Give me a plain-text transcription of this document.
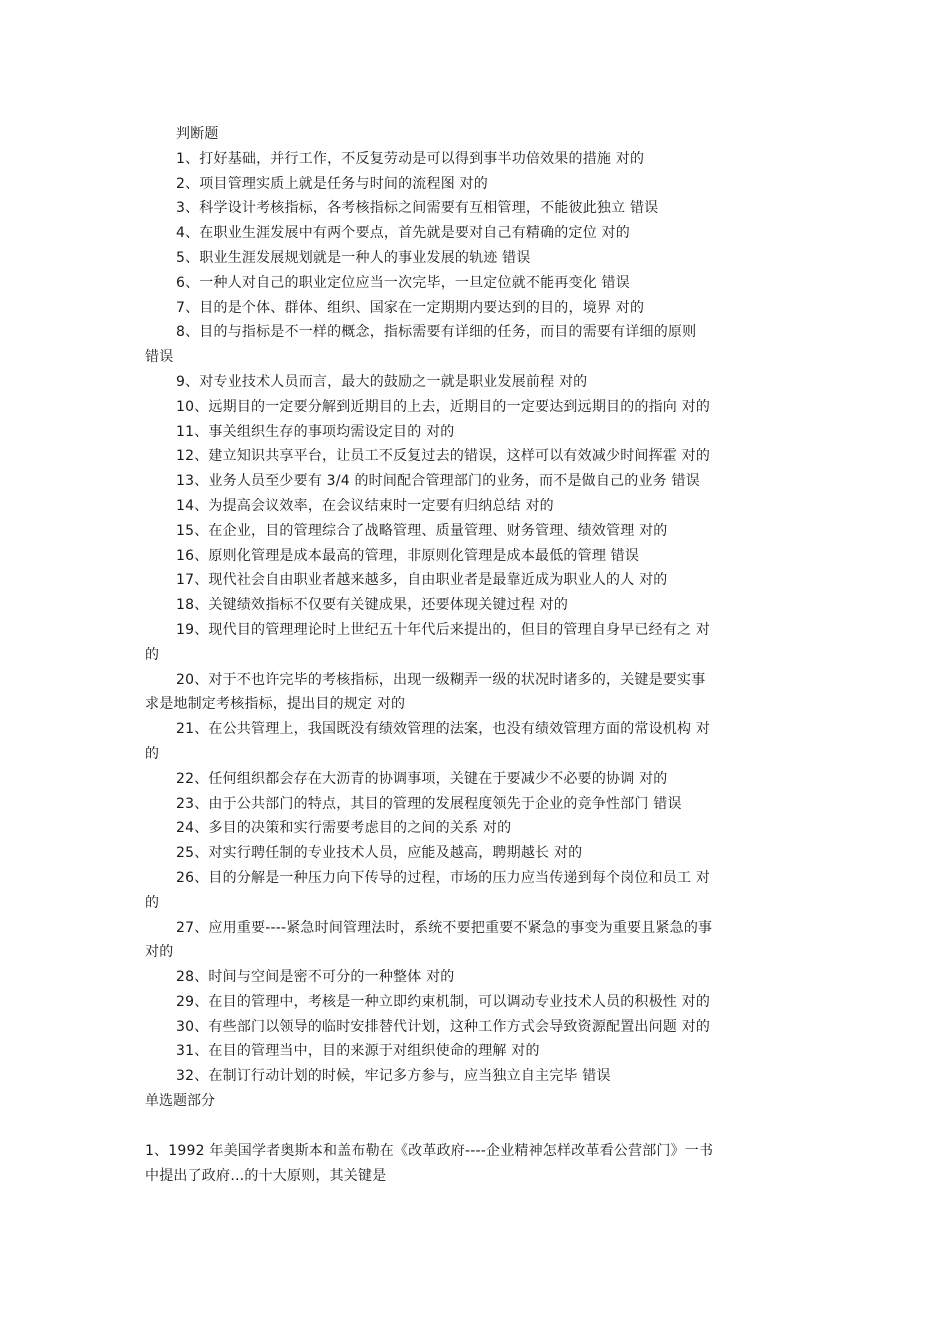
判断题
1、打好基础，并行工作，不反复劳动是可以得到事半功倍效果的措施 对的
2、项目管理实质上就是任务与时间的流程图 对的
3、科学设计考核指标，各考核指标之间需要有互相管理，不能彼此独立 错误
4、在职业生涯发展中有两个要点，首先就是要对自己有精确的定位 对的
5、职业生涯发展规划就是一种人的事业发展的轨迹 错误
6、一种人对自己的职业定位应当一次完毕，一旦定位就不能再变化 错误
7、目的是个体、群体、组织、国家在一定期期内要达到的目的，境界 对的
8、目的与指标是不一样的概念，指标需要有详细的任务，而目的需要有详细的原则
错误
9、对专业技术人员而言，最大的鼓励之一就是职业发展前程 对的
10、远期目的一定要分解到近期目的上去，近期目的一定要达到远期目的的指向 对的
11、事关组织生存的事项均需设定目的 对的
12、建立知识共享平台，让员工不反复过去的错误，这样可以有效减少时间挥霍 对的
13、业务人员至少要有 3/4 的时间配合管理部门的业务，而不是做自己的业务 错误
14、为提高会议效率，在会议结束时一定要有归纳总结 对的
15、在企业，目的管理综合了战略管理、质量管理、财务管理、绩效管理 对的
16、原则化管理是成本最高的管理，非原则化管理是成本最低的管理 错误
17、现代社会自由职业者越来越多，自由职业者是最靠近成为职业人的人 对的
18、关键绩效指标不仅要有关键成果，还要体现关键过程 对的
19、现代目的管理理论时上世纪五十年代后来提出的，但目的管理自身早已经有之 对
的
20、对于不也许完毕的考核指标，出现一级糊弄一级的状况时诸多的，关键是要实事
求是地制定考核指标，提出目的规定 对的
21、在公共管理上，我国既没有绩效管理的法案，也没有绩效管理方面的常设机构 对
的
22、任何组织都会存在大沥青的协调事项，关键在于要减少不必要的协调 对的
23、由于公共部门的特点，其目的管理的发展程度领先于企业的竞争性部门 错误
24、多目的决策和实行需要考虑目的之间的关系 对的
25、对实行聘任制的专业技术人员，应能及越高，聘期越长 对的
26、目的分解是一种压力向下传导的过程，市场的压力应当传递到每个岗位和员工 对
的
27、应用重要----紧急时间管理法时，系统不要把重要不紧急的事变为重要且紧急的事
对的
28、时间与空间是密不可分的一种整体 对的
29、在目的管理中，考核是一种立即约束机制，可以调动专业技术人员的积极性 对的
30、有些部门以领导的临时安排替代计划，这种工作方式会导致资源配置出问题 对的
31、在目的管理当中，目的来源于对组织使命的理解 对的
32、在制订行动计划的时候，牢记多方参与，应当独立自主完毕 错误
单选题部分
1、1992 年美国学者奥斯本和盖布勒在《改革政府----企业精神怎样改革看公营部门》一书
中提出了政府…的十大原则，其关键是
